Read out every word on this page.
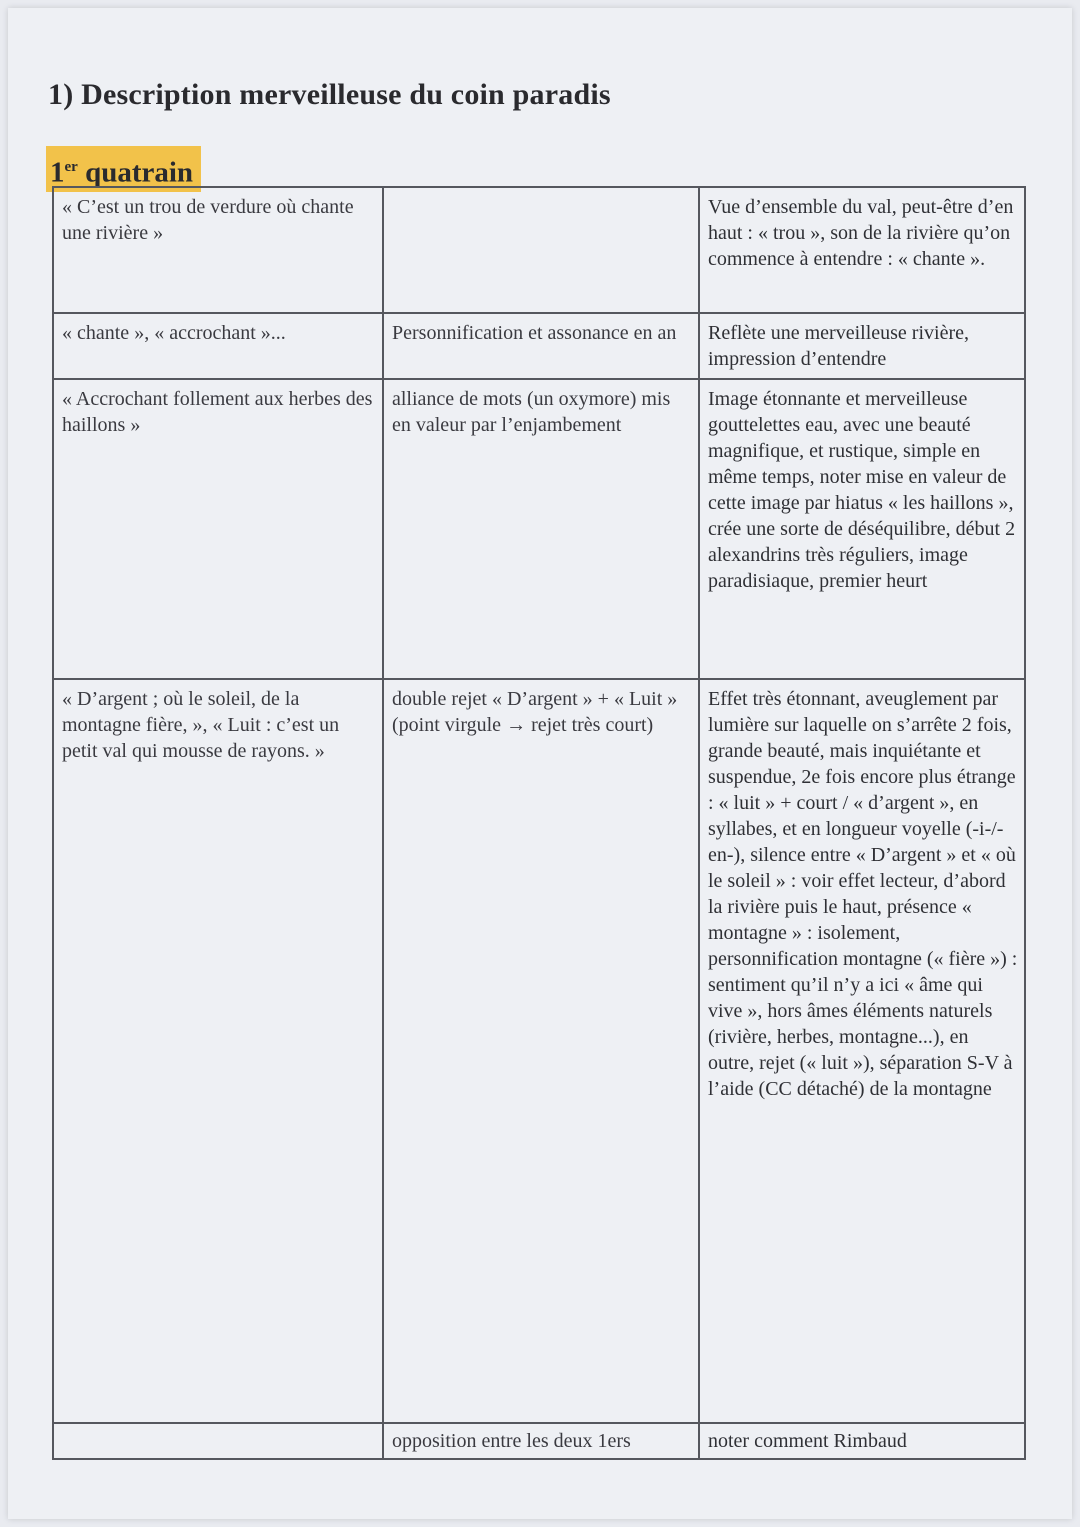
1) Description merveilleuse du coin paradis
1er quatrain
« C’est un trou de verdure où chante une rivière »		Vue d’ensemble du val, peut-être d’en haut : « trou », son de la rivière qu’on commence à entendre : « chante ».
« chante », « accrochant »...	Personnification et assonance en an	Reflète une merveilleuse rivière, impression d’entendre
« Accrochant follement aux herbes des haillons »	alliance de mots (un oxymore) mis en valeur par l’enjambement	Image étonnante et merveilleuse gouttelettes eau, avec une beauté magnifique, et rustique, simple en même temps, noter mise en valeur de cette image par hiatus « les haillons », crée une sorte de déséquilibre, début 2 alexandrins très réguliers, image paradisiaque, premier heurt
« D’argent ; où le soleil, de la montagne fière, », « Luit : c’est un petit val qui mousse de rayons. »	double rejet « D’argent » + « Luit » (point virgule → rejet très court)	Effet très étonnant, aveuglement par lumière sur laquelle on s’arrête 2 fois, grande beauté, mais inquiétante et suspendue, 2e fois encore plus étrange : « luit » + court / « d’argent », en syllabes, et en longueur voyelle (-i-/-en-), silence entre « D’argent » et « où le soleil » : voir effet lecteur, d’abord la rivière puis le haut, présence « montagne » : isolement, personnification montagne (« fière ») : sentiment qu’il n’y a ici « âme qui vive », hors âmes éléments naturels (rivière, herbes, montagne...), en outre, rejet (« luit »), séparation S-V à l’aide (CC détaché) de la montagne
	opposition entre les deux 1ers	noter comment Rimbaud
